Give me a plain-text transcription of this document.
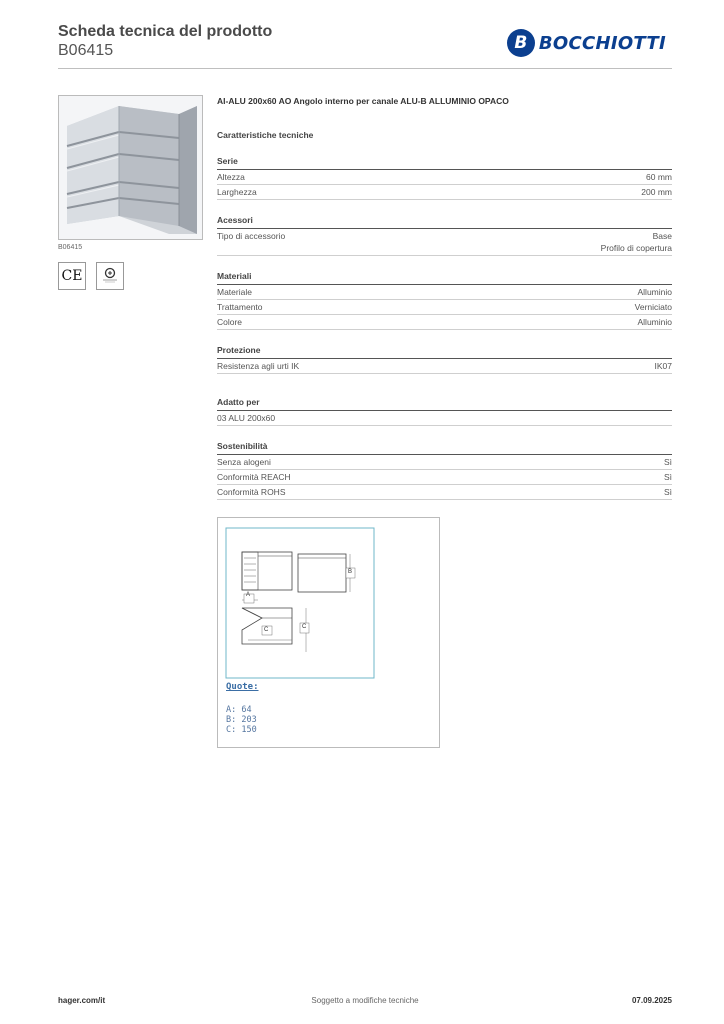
Scheda tecnica del prodotto
B06415	B BOCCHIOTTI
B06415
CE
AI-ALU 200x60 AO Angolo interno per canale ALU-B ALLUMINIO OPACO
Caratteristiche tecniche
Serie
Altezza	60 mm
Larghezza	200 mm
Acessori
Tipo di accessorio	Base
Profilo di copertura
Materiali
Materiale	Alluminio
Trattamento	Verniciato
Colore	Alluminio
Protezione
Resistenza agli urti IK	IK07
Adatto per
03 ALU 200x60
Sostenibilità
Senza alogeni	Sì
Conformità REACH	Sì
Conformità ROHS	Sì
A
B
C	C
Quote:
A: 64
B: 203
C: 150
hager.com/it	Soggetto a modifiche tecniche	07.09.2025
